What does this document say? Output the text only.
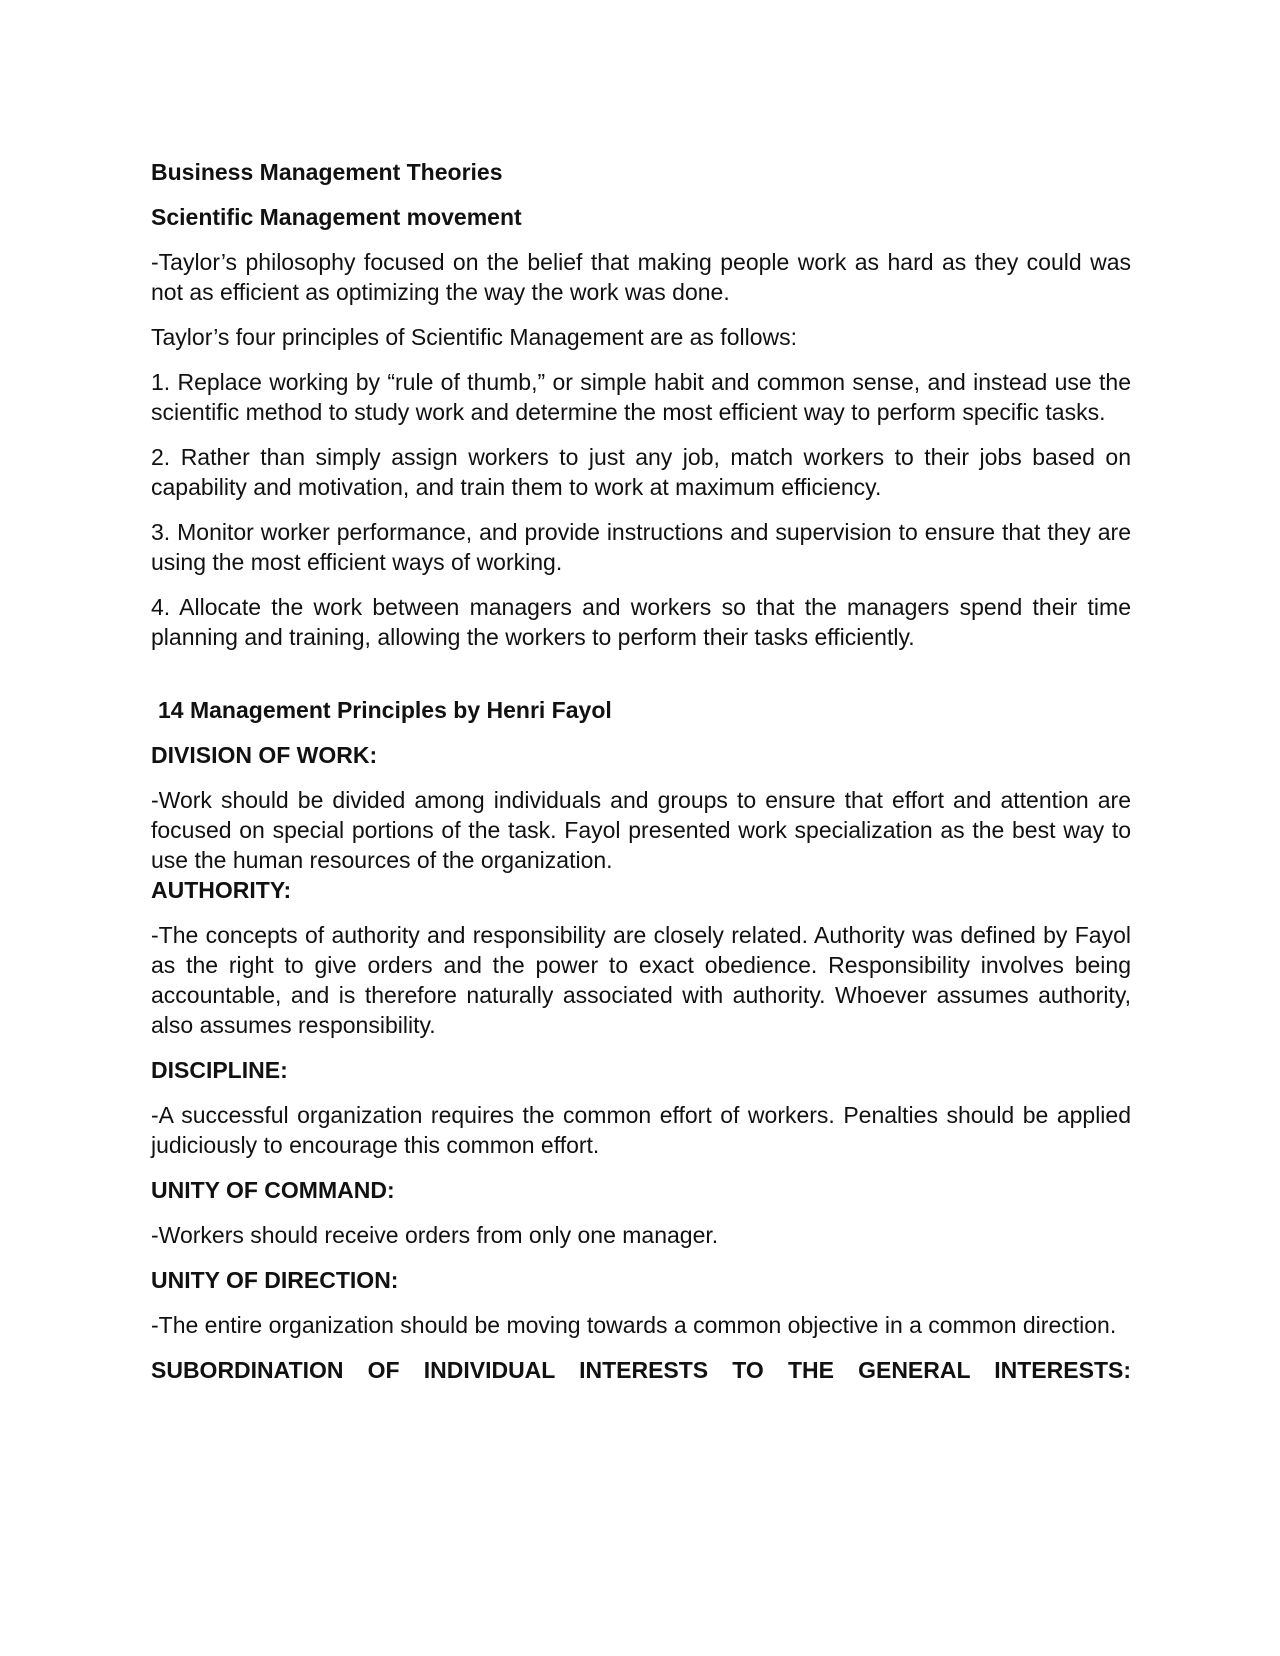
Business Management Theories
Scientific Management movement
-Taylor’s philosophy focused on the belief that making people work as hard as they could was not as efficient as optimizing the way the work was done.
Taylor’s four principles of Scientific Management are as follows:
1. Replace working by “rule of thumb,” or simple habit and common sense, and instead use the scientific method to study work and determine the most efficient way to perform specific tasks.
2. Rather than simply assign workers to just any job, match workers to their jobs based on capability and motivation, and train them to work at maximum efficiency.
3. Monitor worker performance, and provide instructions and supervision to ensure that they are using the most efficient ways of working.
4. Allocate the work between managers and workers so that the managers spend their time planning and training, allowing the workers to perform their tasks efficiently.
14 Management Principles by Henri Fayol
DIVISION OF WORK:
-Work should be divided among individuals and groups to ensure that effort and attention are focused on special portions of the task. Fayol presented work specialization as the best way to use the human resources of the organization.
AUTHORITY:
-The concepts of authority and responsibility are closely related. Authority was defined by Fayol as the right to give orders and the power to exact obedience. Responsibility involves being accountable, and is therefore naturally associated with authority. Whoever assumes authority, also assumes responsibility.
DISCIPLINE:
-A successful organization requires the common effort of workers. Penalties should be applied judiciously to encourage this common effort.
UNITY OF COMMAND:
-Workers should receive orders from only one manager.
UNITY OF DIRECTION:
-The entire organization should be moving towards a common objective in a common direction.
SUBORDINATION OF INDIVIDUAL INTERESTS TO THE GENERAL INTERESTS:
